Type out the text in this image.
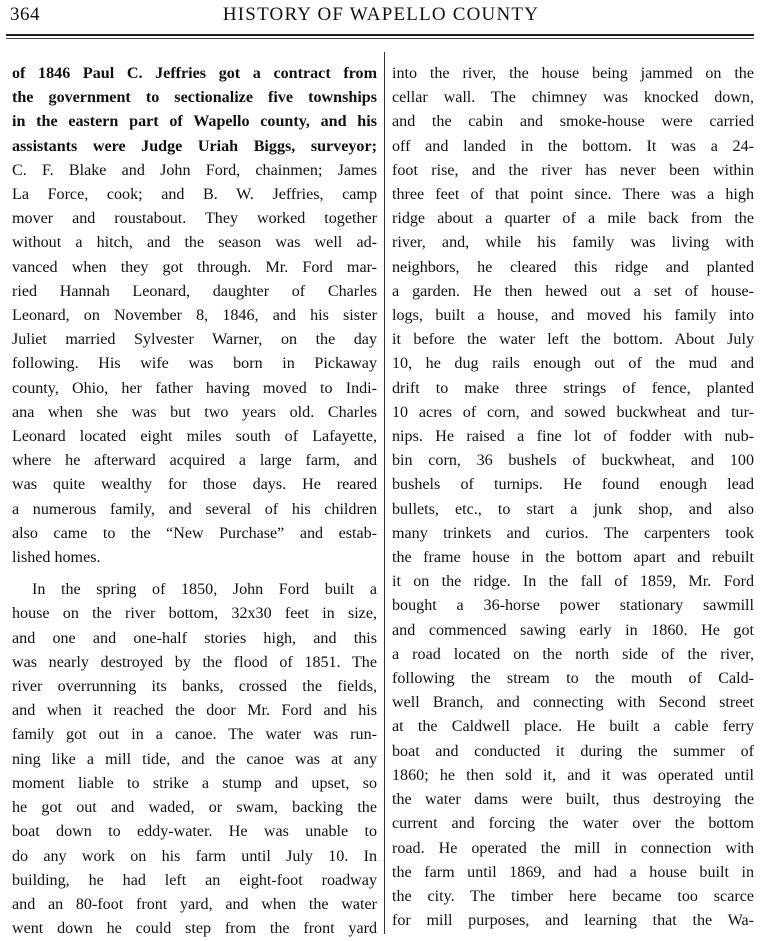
364	HISTORY OF WAPELLO COUNTY
of 1846 Paul C. Jeffries got a contract from
the government to sectionalize five townships
in the eastern part of Wapello county, and his
assistants were Judge Uriah Biggs, surveyor;
C. F. Blake and John Ford, chainmen; James
La Force, cook; and B. W. Jeffries, camp
mover and roustabout. They worked together
without a hitch, and the season was well ad-
vanced when they got through. Mr. Ford mar-
ried Hannah Leonard, daughter of Charles
Leonard, on November 8, 1846, and his sister
Juliet married Sylvester Warner, on the day
following. His wife was born in Pickaway
county, Ohio, her father having moved to Indi-
ana when she was but two years old. Charles
Leonard located eight miles south of Lafayette,
where he afterward acquired a large farm, and
was quite wealthy for those days. He reared
a numerous family, and several of his children
also came to the “New Purchase” and estab-
lished homes.
In the spring of 1850, John Ford built a
house on the river bottom, 32x30 feet in size,
and one and one-half stories high, and this
was nearly destroyed by the flood of 1851. The
river overrunning its banks, crossed the fields,
and when it reached the door Mr. Ford and his
family got out in a canoe. The water was run-
ning like a mill tide, and the canoe was at any
moment liable to strike a stump and upset, so
he got out and waded, or swam, backing the
boat down to eddy-water. He was unable to
do any work on his farm until July 10. In
building, he had left an eight-foot roadway
and an 80-foot front yard, and when the water
went down he could step from the front yard
into the river, the house being jammed on the
cellar wall. The chimney was knocked down,
and the cabin and smoke-house were carried
off and landed in the bottom. It was a 24-
foot rise, and the river has never been within
three feet of that point since. There was a high
ridge about a quarter of a mile back from the
river, and, while his family was living with
neighbors, he cleared this ridge and planted
a garden. He then hewed out a set of house-
logs, built a house, and moved his family into
it before the water left the bottom. About July
10, he dug rails enough out of the mud and
drift to make three strings of fence, planted
10 acres of corn, and sowed buckwheat and tur-
nips. He raised a fine lot of fodder with nub-
bin corn, 36 bushels of buckwheat, and 100
bushels of turnips. He found enough lead
bullets, etc., to start a junk shop, and also
many trinkets and curios. The carpenters took
the frame house in the bottom apart and rebuilt
it on the ridge. In the fall of 1859, Mr. Ford
bought a 36-horse power stationary sawmill
and commenced sawing early in 1860. He got
a road located on the north side of the river,
following the stream to the mouth of Cald-
well Branch, and connecting with Second street
at the Caldwell place. He built a cable ferry
boat and conducted it during the summer of
1860; he then sold it, and it was operated until
the water dams were built, thus destroying the
current and forcing the water over the bottom
road. He operated the mill in connection with
the farm until 1869, and had a house built in
the city. The timber here became too scarce
for mill purposes, and learning that the Wa-
